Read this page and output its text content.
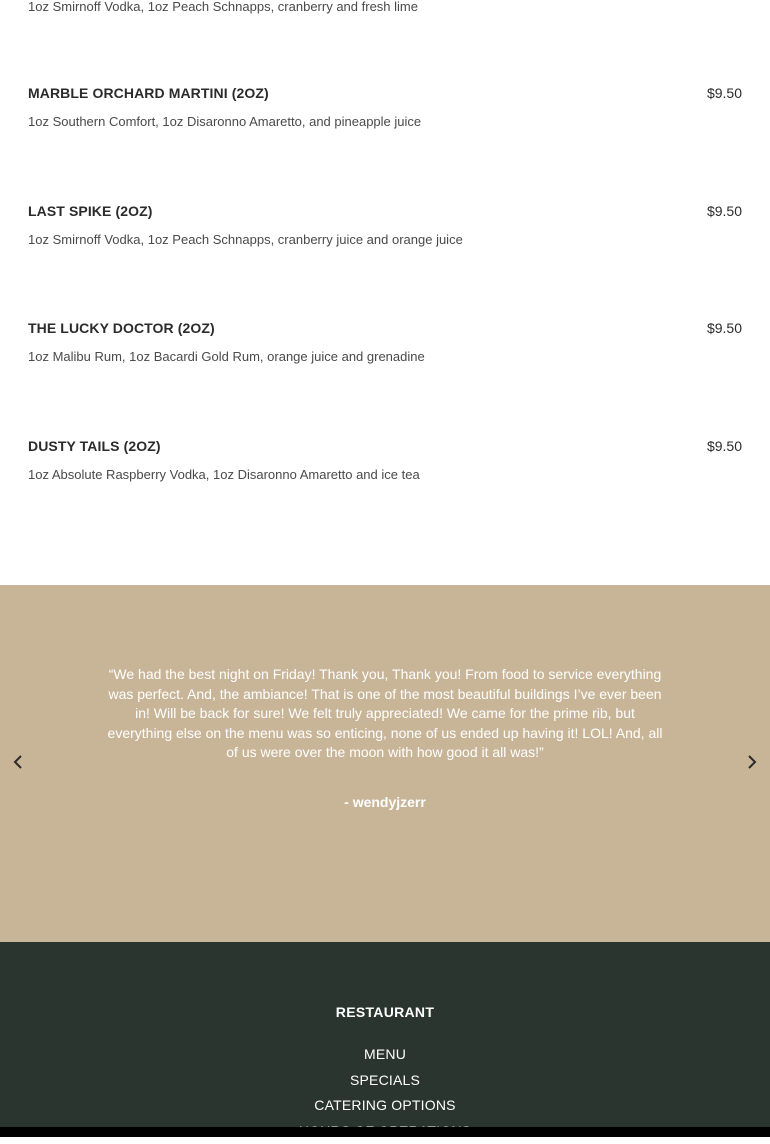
1oz Smirnoff Vodka, 1oz Peach Schnapps, cranberry and fresh lime
MARBLE ORCHARD MARTINI (2OZ)	$9.50
1oz Southern Comfort, 1oz Disaronno Amaretto, and pineapple juice
LAST SPIKE (2OZ)	$9.50
1oz Smirnoff Vodka, 1oz Peach Schnapps, cranberry juice and orange juice
THE LUCKY DOCTOR (2OZ)	$9.50
1oz Malibu Rum, 1oz Bacardi Gold Rum, orange juice and grenadine
DUSTY TAILS (2OZ)	$9.50
1oz Absolute Raspberry Vodka, 1oz Disaronno Amaretto and ice tea
“We had the best night on Friday! Thank you, Thank you! From food to service everything was perfect. And, the ambiance! That is one of the most beautiful buildings I’ve ever been in! Will be back for sure! We felt truly appreciated! We came for the prime rib, but everything else on the menu was so enticing, none of us ended up having it! LOL! And, all of us were over the moon with how good it all was!”
- wendyjzerr
RESTAURANT
MENU
SPECIALS
CATERING OPTIONS
